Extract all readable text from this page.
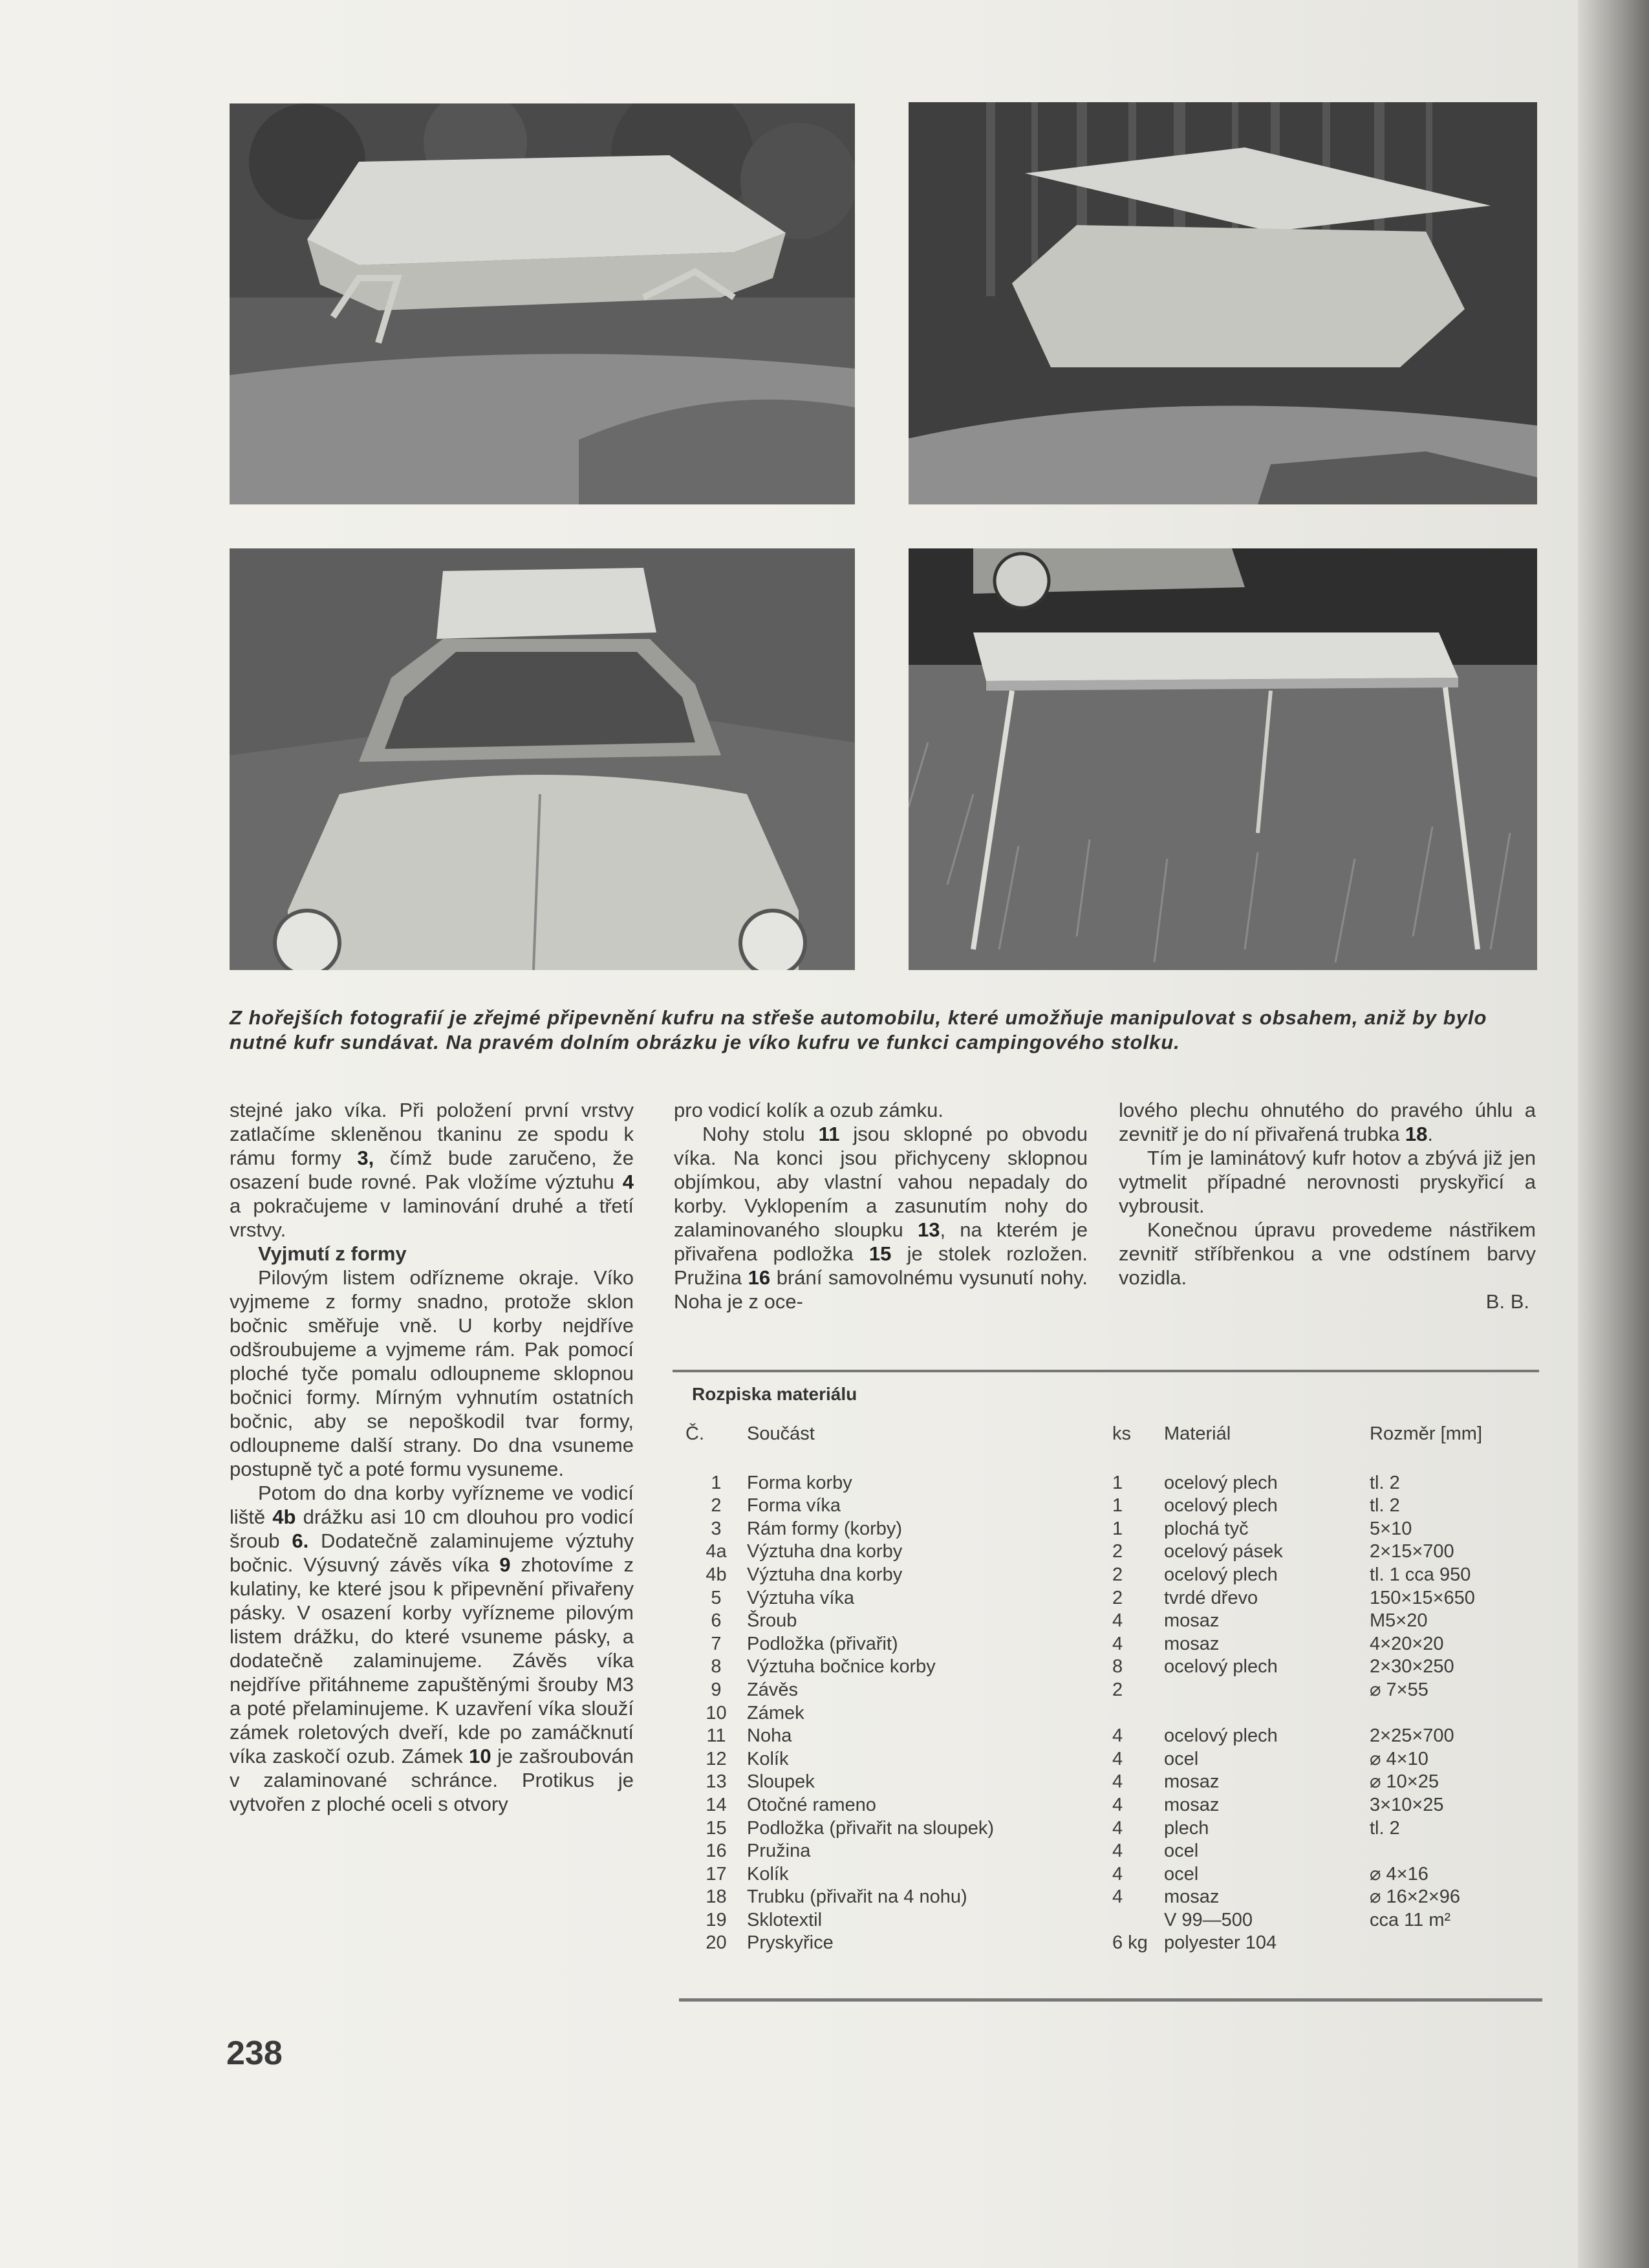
Z hořejších fotografií je zřejmé připevnění kufru na střeše automobilu, které umožňuje manipulovat s obsahem, aniž by bylo nutné kufr sundávat. Na pravém dolním obrázku je víko kufru ve funkci campingového stolku.

stejné jako víka. Při položení první vrstvy zatlačíme skleněnou tkaninu ze spodu k rámu formy 3, čímž bude zaručeno, že osazení bude rovné. Pak vložíme výztuhu 4 a pokračujeme v laminování druhé a třetí vrstvy.

Vyjmutí z formy

Pilovým listem odřízneme okraje. Víko vyjmeme z formy snadno, protože sklon bočnic směřuje vně. U korby nejdříve odšroubujeme a vyjmeme rám. Pak pomocí ploché tyče pomalu odloupneme sklopnou bočnici formy. Mírným vyhnutím ostatních bočnic, aby se nepoškodil tvar formy, odloupneme další strany. Do dna vsuneme postupně tyč a poté formu vysuneme.

Potom do dna korby vyřízneme ve vodicí liště 4b drážku asi 10 cm dlouhou pro vodicí šroub 6. Dodatečně zalaminujeme výztuhy bočnic. Výsuvný závěs víka 9 zhotovíme z kulatiny, ke které jsou k připevnění přivařeny pásky. V osazení korby vyřízneme pilovým listem drážku, do které vsuneme pásky, a dodatečně zalaminujeme. Závěs víka nejdříve přitáhneme zapuštěnými šrouby M3 a poté přelaminujeme. K uzavření víka slouží zámek roletových dveří, kde po zamáčknutí víka zaskočí ozub. Zámek 10 je zašroubován v zalaminované schránce. Protikus je vytvořen z ploché oceli s otvory

pro vodicí kolík a ozub zámku.

Nohy stolu 11 jsou sklopné po obvodu víka. Na konci jsou přichyceny sklopnou objímkou, aby vlastní vahou nepadaly do korby. Vyklopením a zasunutím nohy do zalaminovaného sloupku 13, na kterém je přivařena podložka 15 je stolek rozložen. Pružina 16 brání samovolnému vysunutí nohy. Noha je z oce-

lového plechu ohnutého do pravého úhlu a zevnitř je do ní přivařená trubka 18.

Tím je laminátový kufr hotov a zbývá již jen vytmelit případné nerovnosti pryskyřicí a vybrousit.

Konečnou úpravu provedeme nástřikem zevnitř stříbřenkou a vne odstínem barvy vozidla.

B. B.

Rozpiska materiálu
Č.	Součást	ks	Materiál	Rozměr [mm]
1	Forma korby	1	ocelový plech	tl. 2
2	Forma víka	1	ocelový plech	tl. 2
3	Rám formy (korby)	1	plochá tyč	5×10
4a	Výztuha dna korby	2	ocelový pásek	2×15×700
4b	Výztuha dna korby	2	ocelový plech	tl. 1 cca 950
5	Výztuha víka	2	tvrdé dřevo	150×15×650
6	Šroub	4	mosaz	M5×20
7	Podložka (přivařit)	4	mosaz	4×20×20
8	Výztuha bočnice korby	8	ocelový plech	2×30×250
9	Závěs	2		⌀ 7×55
10	Zámek			
11	Noha	4	ocelový plech	2×25×700
12	Kolík	4	ocel	⌀ 4×10
13	Sloupek	4	mosaz	⌀ 10×25
14	Otočné rameno	4	mosaz	3×10×25
15	Podložka (přivařit na sloupek)	4	plech	tl. 2
16	Pružina	4	ocel	
17	Kolík	4	ocel	⌀ 4×16
18	Trubku (přivařit na 4 nohu)	4	mosaz	⌀ 16×2×96
19	Sklotextil		V 99—500	cca 11 m²
20	Pryskyřice	6 kg	polyester 104	
238
